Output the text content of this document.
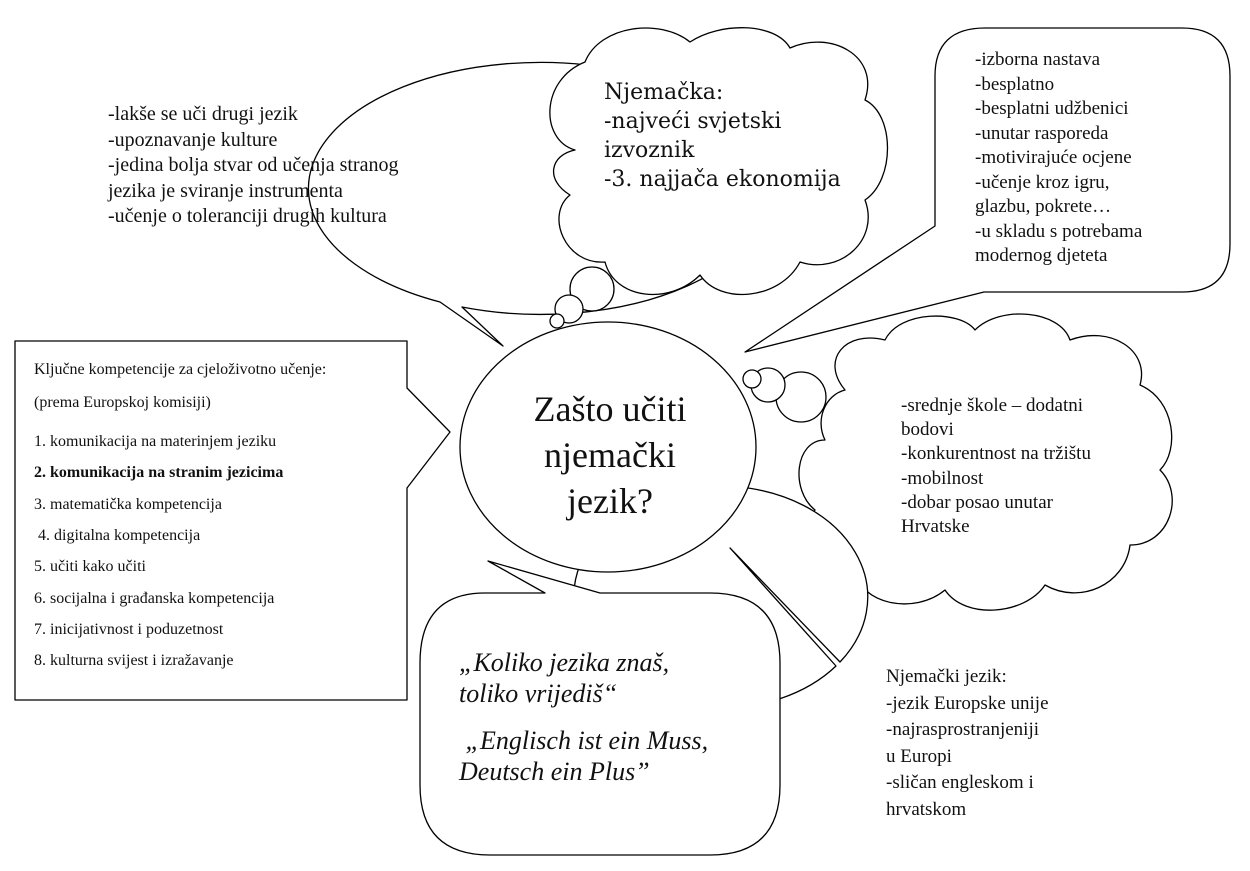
Zašto učiti
njemački
jezik?
-lakše se uči drugi jezik
-upoznavanje kulture
-jedina bolja stvar od učenja stranog
jezika je sviranje instrumenta
-učenje o toleranciji drugih kultura
Njemačka:
-najveći svjetski
izvoznik
-3. najjača ekonomija
-izborna nastava
-besplatno
-besplatni udžbenici
-unutar rasporeda
-motivirajuće ocjene
-učenje kroz igru,
glazbu, pokrete…
-u skladu s potrebama
modernog djeteta
-srednje škole – dodatni
bodovi
-konkurentnost na tržištu
-mobilnost
-dobar posao unutar
Hrvatske
Njemački jezik:
-jezik Europske unije
-najrasprostranjeniji
u Europi
-sličan engleskom i
hrvatskom
„Koliko jezika znaš,
toliko vrijediš“
„Englisch ist ein Muss,
Deutsch ein Plus”
Ključne kompetencije za cjeloživotno učenje:
(prema Europskoj komisiji)
1. komunikacija na materinjem jeziku
2. komunikacija na stranim jezicima
3. matematička kompetencija
4. digitalna kompetencija
5. učiti kako učiti
6. socijalna i građanska kompetencija
7. inicijativnost i poduzetnost
8. kulturna svijest i izražavanje
